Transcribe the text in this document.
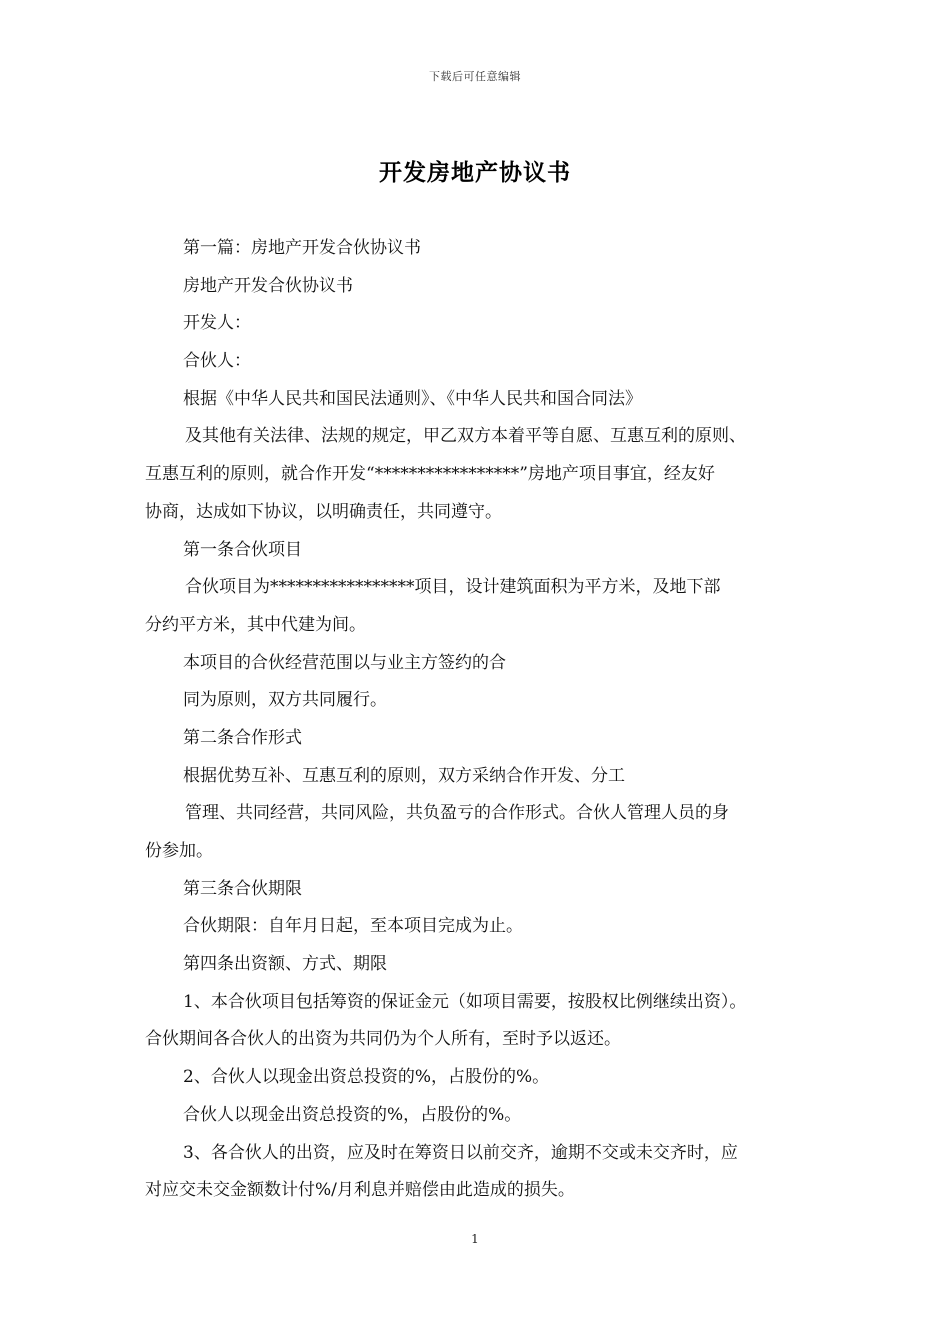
下载后可任意编辑
开发房地产协议书
第一篇：房地产开发合伙协议书
房地产开发合伙协议书
开发人：
合伙人：
根据《中华人民共和国民法通则》、《中华人民共和国合同法》
及其他有关法律、法规的规定，甲乙双方本着平等自愿、互惠互利的原则、
互惠互利的原则，就合作开发“*****************”房地产项目事宜，经友好
协商，达成如下协议，以明确责任，共同遵守。
第一条合伙项目
合伙项目为*****************项目，设计建筑面积为平方米，及地下部
分约平方米，其中代建为间。
本项目的合伙经营范围以与业主方签约的合
同为原则，双方共同履行。
第二条合作形式
根据优势互补、互惠互利的原则，双方采纳合作开发、分工
管理、共同经营，共同风险，共负盈亏的合作形式。合伙人管理人员的身
份参加。
第三条合伙期限
合伙期限：自年月日起，至本项目完成为止。
第四条出资额、方式、期限
1、本合伙项目包括筹资的保证金元（如项目需要，按股权比例继续出资）。
合伙期间各合伙人的出资为共同仍为个人所有，至时予以返还。
2、合伙人以现金出资总投资的%，占股份的%。
合伙人以现金出资总投资的%，占股份的%。
3、各合伙人的出资，应及时在筹资日以前交齐，逾期不交或未交齐时，应
对应交未交金额数计付%/月利息并赔偿由此造成的损失。
1
